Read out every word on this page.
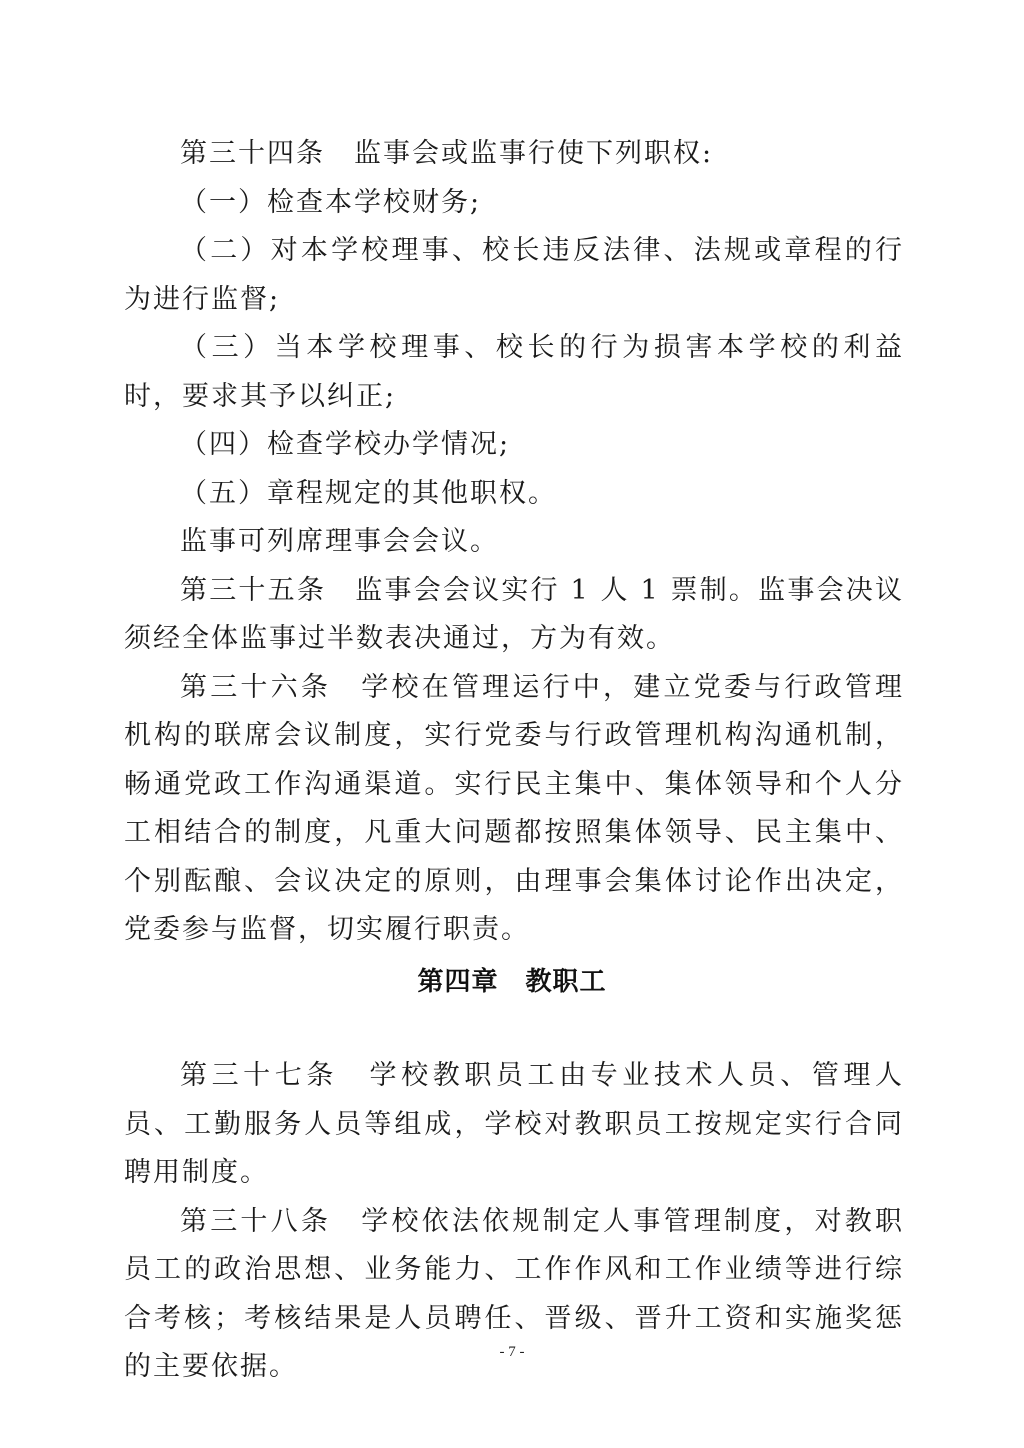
第三十四条　监事会或监事行使下列职权:

（一）检查本学校财务;

（二）对本学校理事、校长违反法律、法规或章程的行为进行监督;

（三）当本学校理事、校长的行为损害本学校的利益时，要求其予以纠正;

（四）检查学校办学情况;

（五）章程规定的其他职权。

监事可列席理事会会议。

第三十五条　监事会会议实行 1 人 1 票制。监事会决议须经全体监事过半数表决通过，方为有效。

第三十六条　学校在管理运行中，建立党委与行政管理机构的联席会议制度，实行党委与行政管理机构沟通机制，畅通党政工作沟通渠道。实行民主集中、集体领导和个人分工相结合的制度，凡重大问题都按照集体领导、民主集中、个别酝酿、会议决定的原则，由理事会集体讨论作出决定，党委参与监督，切实履行职责。

第四章　教职工

第三十七条　学校教职员工由专业技术人员、管理人员、工勤服务人员等组成，学校对教职员工按规定实行合同聘用制度。

第三十八条　学校依法依规制定人事管理制度，对教职员工的政治思想、业务能力、工作作风和工作业绩等进行综合考核；考核结果是人员聘任、晋级、晋升工资和实施奖惩的主要依据。	- 7 -
